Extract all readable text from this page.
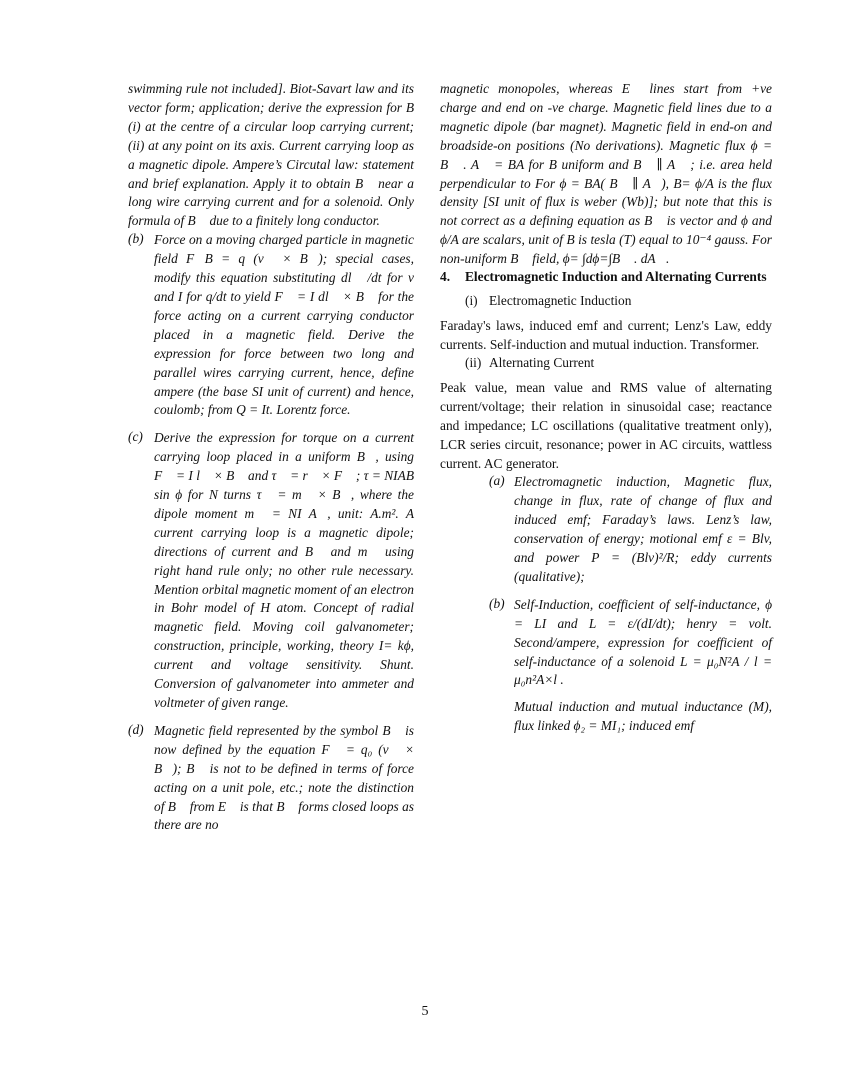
swimming rule not included]. Biot-Savart law and its vector form; application; derive the expression for B (i) at the centre of a circular loop carrying current; (ii) at any point on its axis. Current carrying loop as a magnetic dipole. Ampere’s Circutal law: statement and brief explanation. Apply it to obtain B⃗ near a long wire carrying current and for a solenoid. Only formula of B⃗ due to a finitely long conductor.

(b) Force on a moving charged particle in magnetic field F⃗B = q (v⃗ × B⃗); special cases, modify this equation substituting dl⃗ /dt for v and I for q/dt to yield F⃗ = I dl⃗ × B⃗ for the force acting on a current carrying conductor placed in a magnetic field. Derive the expression for force between two long and parallel wires carrying current, hence, define ampere (the base SI unit of current) and hence, coulomb; from Q = It. Lorentz force.

(c) Derive the expression for torque on a current carrying loop placed in a uniform B⃗, using F⃗ = I l⃗ × B⃗ and τ⃗ = r⃗ × F⃗ ; τ = NIAB sin ϕ for N turns τ⃗ = m⃗ × B⃗, where the dipole moment m⃗ = NI A⃗, unit: A.m². A current carrying loop is a magnetic dipole; directions of current and B⃗ and m⃗ using right hand rule only; no other rule necessary. Mention orbital magnetic moment of an electron in Bohr model of H atom. Concept of radial magnetic field. Moving coil galvanometer; construction, principle, working, theory I= kϕ, current and voltage sensitivity. Shunt. Conversion of galvanometer into ammeter and voltmeter of given range.

(d) Magnetic field represented by the symbol B⃗ is now defined by the equation F⃗ = q₀ (v⃗ × B⃗); B⃗ is not to be defined in terms of force acting on a unit pole, etc.; note the distinction of B⃗ from E⃗ is that B⃗ forms closed loops as there are no

magnetic monopoles, whereas E⃗ lines start from +ve charge and end on -ve charge. Magnetic field lines due to a magnetic dipole (bar magnet). Magnetic field in end-on and broadside-on positions (No derivations). Magnetic flux ϕ = B⃗ . A⃗ = BA for B uniform and B⃗ ∥ A⃗ ; i.e. area held perpendicular to For ϕ = BA( B⃗ ∥ A⃗), B= ϕ/A is the flux density [SI unit of flux is weber (Wb)]; but note that this is not correct as a defining equation as B⃗ is vector and ϕ and ϕ/A are scalars, unit of B is tesla (T) equal to 10⁻⁴ gauss. For non-uniform B⃗ field, ϕ= ∫dϕ=∫B⃗ . dA⃗.

4.	Electromagnetic Induction and Alternating Currents
(i) Electromagnetic Induction

Faraday's laws, induced emf and current; Lenz's Law, eddy currents. Self-induction and mutual induction. Transformer.

(ii) Alternating Current

Peak value, mean value and RMS value of alternating current/voltage; their relation in sinusoidal case; reactance and impedance; LC oscillations (qualitative treatment only), LCR series circuit, resonance; power in AC circuits, wattless current. AC generator.

(a) Electromagnetic induction, Magnetic flux, change in flux, rate of change of flux and induced emf; Faraday’s laws. Lenz’s law, conservation of energy; motional emf ε = Blv, and power P = (Blv)²/R; eddy currents (qualitative);

(b) Self-Induction, coefficient of self-inductance, ϕ = LI and L = ε/(dI/dt); henry = volt. Second/ampere, expression for coefficient of self-inductance of a solenoid L = μ₀N²A / l = μ₀n²A×l .

Mutual induction and mutual inductance (M), flux linked ϕ₂ = MI₁; induced emf

5
